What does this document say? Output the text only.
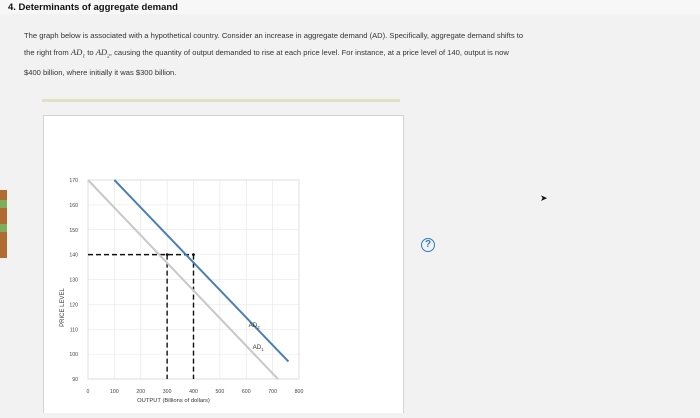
4. Determinants of aggregate demand
The graph below is associated with a hypothetical country. Consider an increase in aggregate demand (AD). Specifically, aggregate demand shifts to
the right from $AD_1$ to $AD_2$, causing the quantity of output demanded to rise at each price level. For instance, at a price level of 140, output is now
$400 billion, where initially it was $300 billion.
?
$AD_1$
$AD_2$
0	100	200	300	400	500	600	700	800
90
100
110
120
130
140
150
160
170
OUTPUT (Billions of dollars)
PRICE LEVEL
➤
